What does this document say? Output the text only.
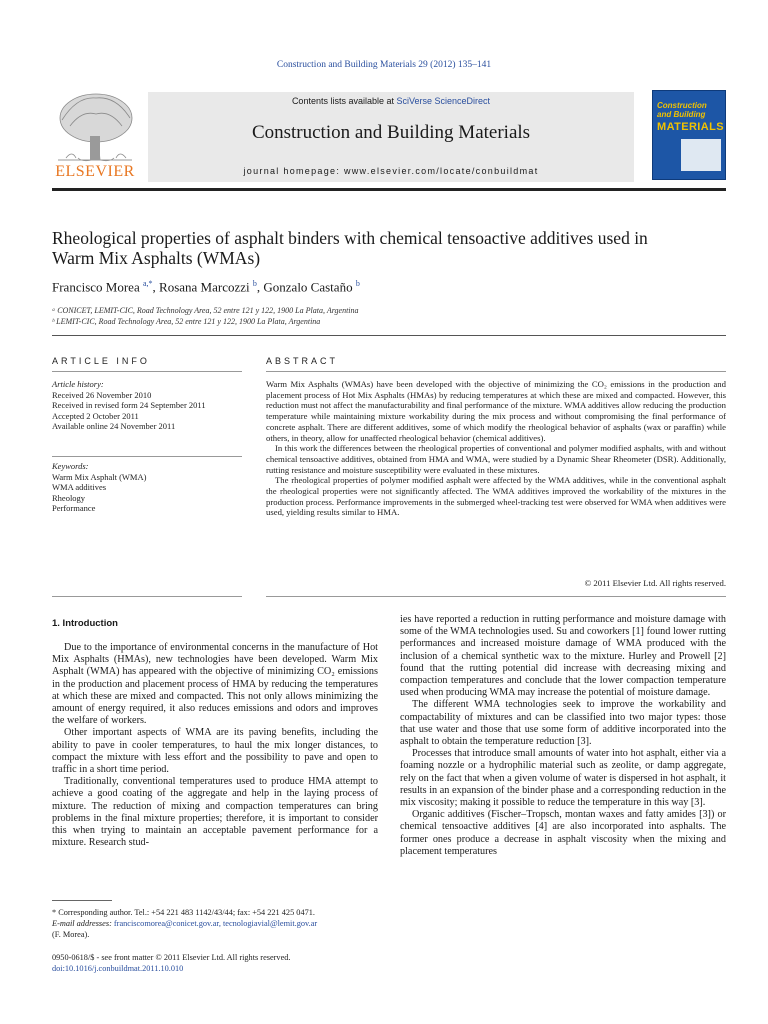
Construction and Building Materials 29 (2012) 135–141
Contents lists available at SciVerse ScienceDirect
Construction and Building Materials
journal homepage: www.elsevier.com/locate/conbuildmat
ELSEVIER
Construction and Building
MATERIALS
Rheological properties of asphalt binders with chemical tensoactive additives used in Warm Mix Asphalts (WMAs)
Francisco Morea $^{a,*}$, Rosana Marcozzi $^b$, Gonzalo Castaño $^b$
ᵃ CONICET, LEMIT-CIC, Road Technology Area, 52 entre 121 y 122, 1900 La Plata, Argentina
ᵇ LEMIT-CIC, Road Technology Area, 52 entre 121 y 122, 1900 La Plata, Argentina
ARTICLE INFO	ABSTRACT
Article history:
Received 26 November 2010
Received in revised form 24 September 2011
Accepted 2 October 2011
Available online 24 November 2011
Keywords:
Warm Mix Asphalt (WMA)
WMA additives
Rheology
Performance

Warm Mix Asphalts (WMAs) have been developed with the objective of minimizing the CO₂ emissions in the production and placement process of Hot Mix Asphalts (HMAs) by reducing temperatures at which these are mixed and compacted. However, this reduction must not affect the manufacturability and final performance of the mixture. WMA additives allow reducing the production temperature while maintaining mixture workability during the mix process and without compromising the final performance of concrete asphalt. There are different additives, some of which modify the rheological behavior of asphalts (wax or paraffin) while others, in theory, allow for unaffected rheological behavior (chemical additives).

In this work the differences between the rheological properties of conventional and polymer modified asphalts, with and without chemical tensoactive additives, obtained from HMA and WMA, were studied by a Dynamic Shear Rheometer (DSR). Additionally, rutting resistance and moisture susceptibility were evaluated in these mixtures.

The rheological properties of polymer modified asphalt were affected by the WMA additives, while in the conventional asphalt the rheological properties were not significantly affected. The WMA additives improved the workability of the mixtures in the production process. Performance improvements in the submerged wheel-tracking test were observed for WMA when additives were used, yielding results similar to HMA.

© 2011 Elsevier Ltd. All rights reserved.
1. Introduction

Due to the importance of environmental concerns in the manufacture of Hot Mix Asphalts (HMAs), new technologies have been developed. Warm Mix Asphalt (WMA) has appeared with the objective of minimizing CO₂ emissions in the production and placement process of HMA by reducing the temperatures at which these are mixed and compacted. This not only allows minimizing the amount of energy required, it also reduces emissions and odors and improves the welfare of workers.

Other important aspects of WMA are its paving benefits, including the ability to pave in cooler temperatures, to haul the mix longer distances, to compact the mixture with less effort and the possibility to pave and open to traffic in a short time period.

Traditionally, conventional temperatures used to produce HMA attempt to achieve a good coating of the aggregate and help in the laying process of mixture. The reduction of mixing and compaction temperatures can bring problems in the final mixture properties; therefore, it is important to consider this when trying to maintain an acceptable pavement performance for a mixture. Research stud-

ies have reported a reduction in rutting performance and moisture damage with some of the WMA technologies used. Su and coworkers [1] found lower rutting performances and increased moisture damage of WMA produced with the inclusion of a chemical synthetic wax to the mixture. Hurley and Prowell [2] found that the rutting potential did increase with decreasing mixing and compaction temperatures and conclude that the lower compaction temperature used when producing WMA may increase the potential of moisture damage.

The different WMA technologies seek to improve the workability and compactability of mixtures and can be classified into two major types: those that use water and those that use some form of additive incorporated into the asphalt to obtain the temperature reduction [3].

Processes that introduce small amounts of water into hot asphalt, either via a foaming nozzle or a hydrophilic material such as zeolite, or damp aggregate, rely on the fact that when a given volume of water is dispersed in hot asphalt, it results in an expansion of the binder phase and a corresponding reduction in the mix viscosity; making it possible to reduce the temperature in this way [3].

Organic additives (Fischer–Tropsch, montan waxes and fatty amides [3]) or chemical tensoactive additives [4] are also incorporated into asphalts. The former ones produce a decrease in asphalt viscosity when the mixing and placement temperatures

* Corresponding author. Tel.: +54 221 483 1142/43/44; fax: +54 221 425 0471.
E-mail addresses: franciscomorea@conicet.gov.ar, tecnologiavial@lemit.gov.ar
(F. Morea).
0950-0618/$ - see front matter © 2011 Elsevier Ltd. All rights reserved.
doi:10.1016/j.conbuildmat.2011.10.010
